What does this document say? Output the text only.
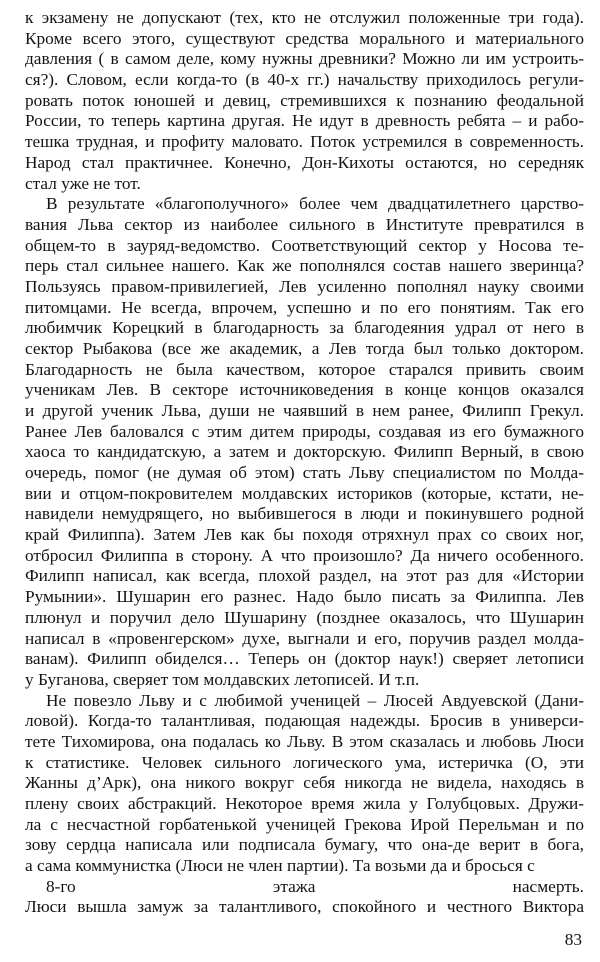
к экзамену не допускают (тех, кто не отслужил положенные три года).
Кроме всего этого, существуют средства морального и материального
давления ( в самом деле, кому нужны древники? Можно ли им устроить-
ся?). Словом, если когда-то (в 40-х гг.) начальству приходилось регули-
ровать поток юношей и девиц, стремившихся к познанию феодальной
России, то теперь картина другая. Не идут в древность ребята – и рабо-
тешка трудная, и профиту маловато. Поток устремился в современность.
Народ стал практичнее. Конечно, Дон-Кихоты остаются, но середняк
стал уже не тот.
В результате «благополучного» более чем двадцатилетнего царство-
вания Льва сектор из наиболее сильного в Институте превратился в
общем-то в зауряд-ведомство. Соответствующий сектор у Носова те-
перь стал сильнее нашего. Как же пополнялся состав нашего зверинца?
Пользуясь правом-привилегией, Лев усиленно пополнял науку своими
питомцами. Не всегда, впрочем, успешно и по его понятиям. Так его
любимчик Корецкий в благодарность за благодеяния удрал от него в
сектор Рыбакова (все же академик, а Лев тогда был только доктором.
Благодарность не была качеством, которое старался привить своим
ученикам Лев. В секторе источниковедения в конце концов оказался
и другой ученик Льва, души не чаявший в нем ранее, Филипп Грекул.
Ранее Лев баловался с этим дитем природы, создавая из его бумажного
хаоса то кандидатскую, а затем и докторскую. Филипп Верный, в свою
очередь, помог (не думая об этом) стать Льву специалистом по Молда-
вии и отцом-покровителем молдавских историков (которые, кстати, не-
навидели немудрящего, но выбившегося в люди и покинувшего родной
край Филиппа). Затем Лев как бы походя отряхнул прах со своих ног,
отбросил Филиппа в сторону. А что произошло? Да ничего особенного.
Филипп написал, как всегда, плохой раздел, на этот раз для «Истории
Румынии». Шушарин его разнес. Надо было писать за Филиппа. Лев
плюнул и поручил дело Шушарину (позднее оказалось, что Шушарин
написал в «провенгерском» духе, выгнали и его, поручив раздел молда-
ванам). Филипп обиделся… Теперь он (доктор наук!) сверяет летописи
у Буганова, сверяет том молдавских летописей. И т.п.
Не повезло Льву и с любимой ученицей – Люсей Авдуевской (Дани-
ловой). Когда-то талантливая, подающая надежды. Бросив в универси-
тете Тихомирова, она подалась ко Льву. В этом сказалась и любовь Люси
к статистике. Человек сильного логического ума, истеричка (О, эти
Жанны д’Арк), она никого вокруг себя никогда не видела, находясь в
плену своих абстракций. Некоторое время жила у Голубцовых. Дружи-
ла с несчастной горбатенькой ученицей Грекова Ирой Перельман и по
зову сердца написала или подписала бумагу, что она-де верит в бога,
а сама коммунистка (Люси не член партии). Та возьми да и бросься с
8-го этажа насмерть.
Люси вышла замуж за талантливого, спокойного и честного Виктора
83
